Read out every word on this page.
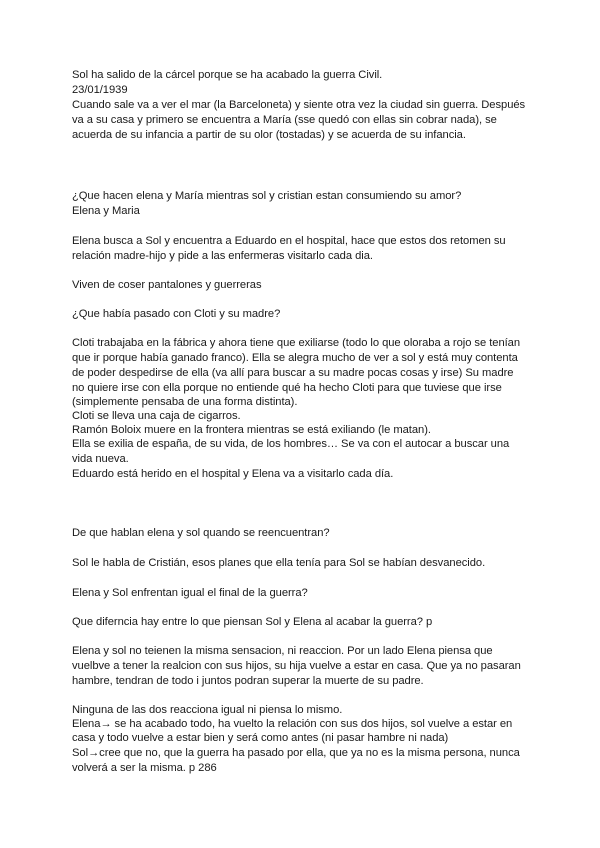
Sol ha salido de la cárcel porque se ha acabado la guerra Civil.
23/01/1939
Cuando sale va a ver el mar (la Barceloneta) y siente otra vez la ciudad sin guerra. Después
va a su casa y primero se encuentra a María (sse quedó con ellas sin cobrar nada), se
acuerda de su infancia a partir de su olor (tostadas) y se acuerda de su infancia.
¿Que hacen elena y María mientras sol y cristian estan consumiendo su amor?
Elena y Maria
Elena busca a Sol y encuentra a Eduardo en el hospital, hace que estos dos retomen su
relación madre-hijo y pide a las enfermeras visitarlo cada dia.
Viven de coser pantalones y guerreras
¿Que había pasado con Cloti y su madre?
Cloti trabajaba en la fábrica y ahora tiene que exiliarse (todo lo que oloraba a rojo se tenían
que ir porque había ganado franco). Ella se alegra mucho de ver a sol y está muy contenta
de poder despedirse de ella (va allí para buscar a su madre pocas cosas y irse) Su madre
no quiere irse con ella porque no entiende qué ha hecho Cloti para que tuviese que irse
(simplemente pensaba de una forma distinta).
Cloti se lleva una caja de cigarros.
Ramón Boloix muere en la frontera mientras se está exiliando (le matan).
Ella se exilia de españa, de su vida, de los hombres… Se va con el autocar a buscar una
vida nueva.
Eduardo está herido en el hospital y Elena va a visitarlo cada día.
De que hablan elena y sol quando se reencuentran?
Sol le habla de Cristián, esos planes que ella tenía para Sol se habían desvanecido.
Elena y Sol enfrentan igual el final de la guerra?
Que difernciа hay entre lo que piensan Sol y Elena al acabar la guerra? p
Elena y sol no teienen la misma sensacion, ni reaccion. Por un lado Elena piensa que
vuelbve a tener la realcion con sus hijos, su hija vuelve a estar en casa. Que ya no pasaran
hambre, tendran de todo i juntos podran superar la muerte de su padre.
Ninguna de las dos reacciona igual ni piensa lo mismo.
Elena→ se ha acabado todo, ha vuelto la relación con sus dos hijos, sol vuelve a estar en
casa y todo vuelve a estar bien y será como antes (ni pasar hambre ni nada)
Sol→cree que no, que la guerra ha pasado por ella, que ya no es la misma persona, nunca
volverá a ser la misma. p 286
